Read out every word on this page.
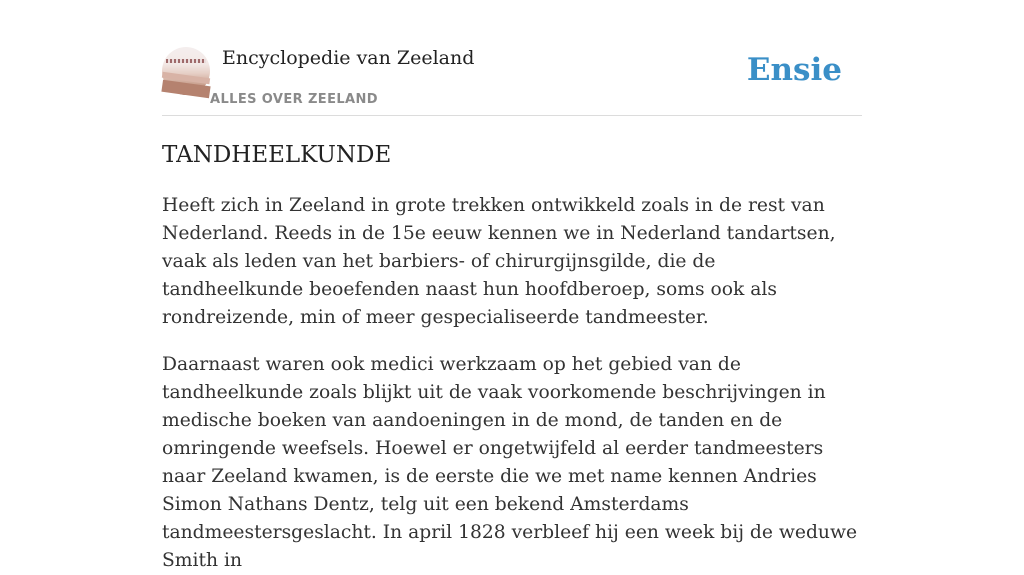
Encyclopedie van Zeeland
ALLES OVER ZEELAND
Ensie
TANDHEELKUNDE

Heeft zich in Zeeland in grote trekken ontwikkeld zoals in de rest van Nederland. Reeds in de 15e eeuw kennen we in Nederland tandartsen, vaak als leden van het barbiers- of chirurgijnsgilde, die de tandheelkunde beoefenden naast hun hoofdberoep, soms ook als rondreizende, min of meer gespecialiseerde tandmeester.

Daarnaast waren ook medici werkzaam op het gebied van de tandheelkunde zoals blijkt uit de vaak voorkomende beschrijvingen in medische boeken van aandoeningen in de mond, de tanden en de omringende weefsels. Hoewel er ongetwijfeld al eerder tandmeesters naar Zeeland kwamen, is de eerste die we met name kennen Andries Simon Nathans Dentz, telg uit een bekend Amsterdams tandmeestersgeslacht. In april 1828 verbleef hij een week bij de weduwe Smith in
